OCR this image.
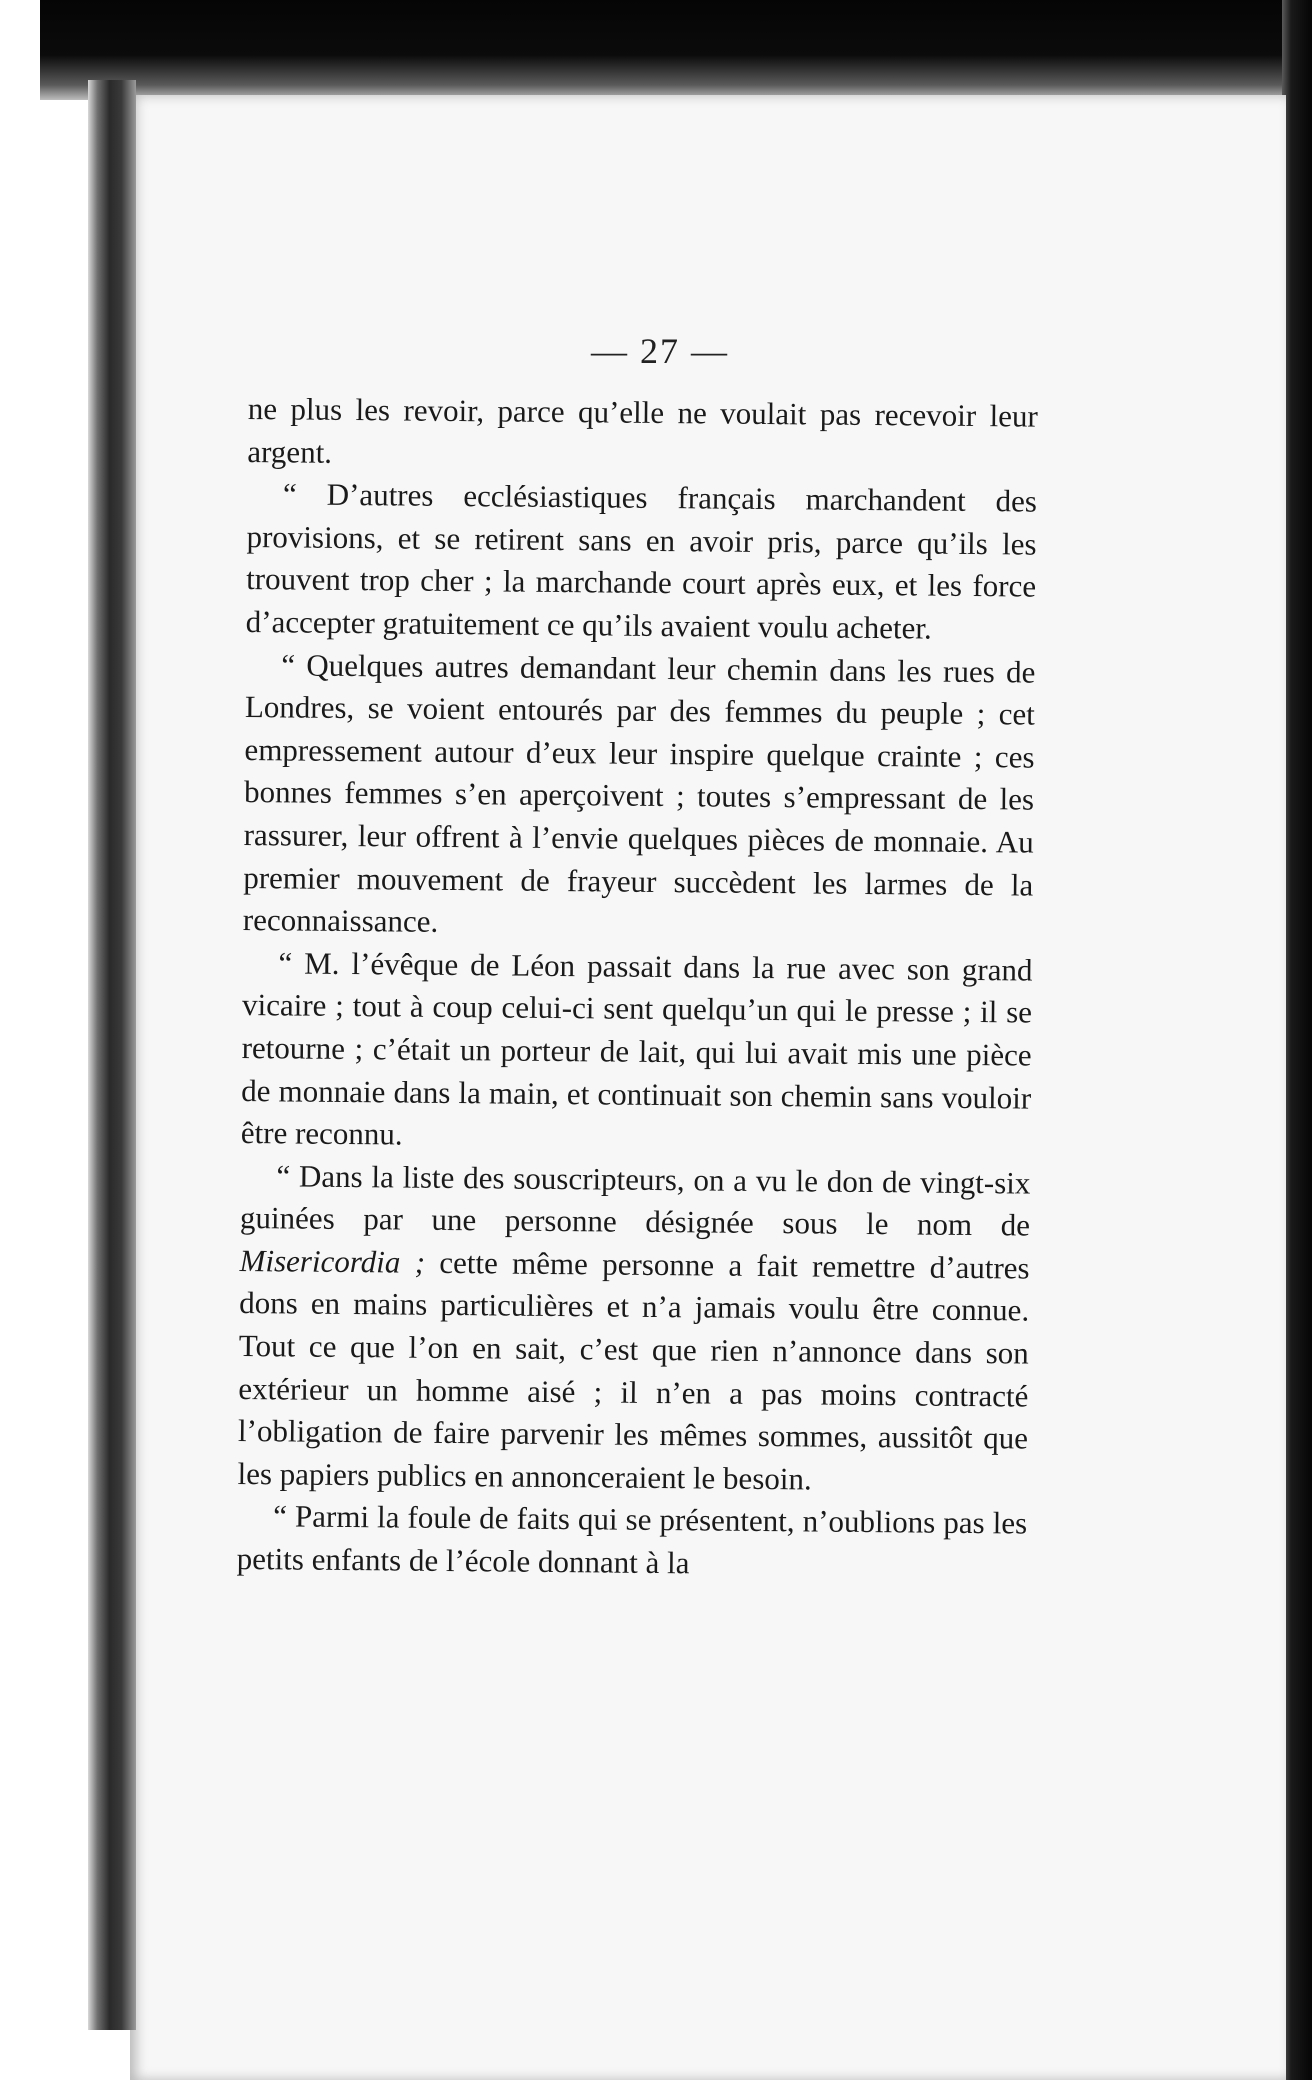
— 27 —

ne plus les revoir, parce qu’elle ne voulait pas recevoir leur argent.

“ D’autres ecclésiastiques français marchandent des provisions, et se retirent sans en avoir pris, parce qu’ils les trouvent trop cher ; la marchande court après eux, et les force d’accepter gratuitement ce qu’ils avaient voulu acheter.

“ Quelques autres demandant leur chemin dans les rues de Londres, se voient entourés par des femmes du peuple ; cet empressement autour d’eux leur inspire quelque crainte ; ces bonnes femmes s’en aperçoivent ; toutes s’empressant de les rassurer, leur offrent à l’envie quelques pièces de monnaie. Au premier mouvement de frayeur succèdent les larmes de la reconnaissance.

“ M. l’évêque de Léon passait dans la rue avec son grand vicaire ; tout à coup celui-ci sent quelqu’un qui le presse ; il se retourne ; c’était un porteur de lait, qui lui avait mis une pièce de monnaie dans la main, et continuait son chemin sans vouloir être reconnu.

“ Dans la liste des souscripteurs, on a vu le don de vingt-six guinées par une personne désignée sous le nom de Misericordia ; cette même personne a fait remettre d’autres dons en mains particulières et n’a jamais voulu être connue. Tout ce que l’on en sait, c’est que rien n’annonce dans son extérieur un homme aisé ; il n’en a pas moins contracté l’obligation de faire parvenir les mêmes sommes, aussitôt que les papiers publics en annonceraient le besoin.

“ Parmi la foule de faits qui se présentent, n’oublions pas les petits enfants de l’école donnant à la
